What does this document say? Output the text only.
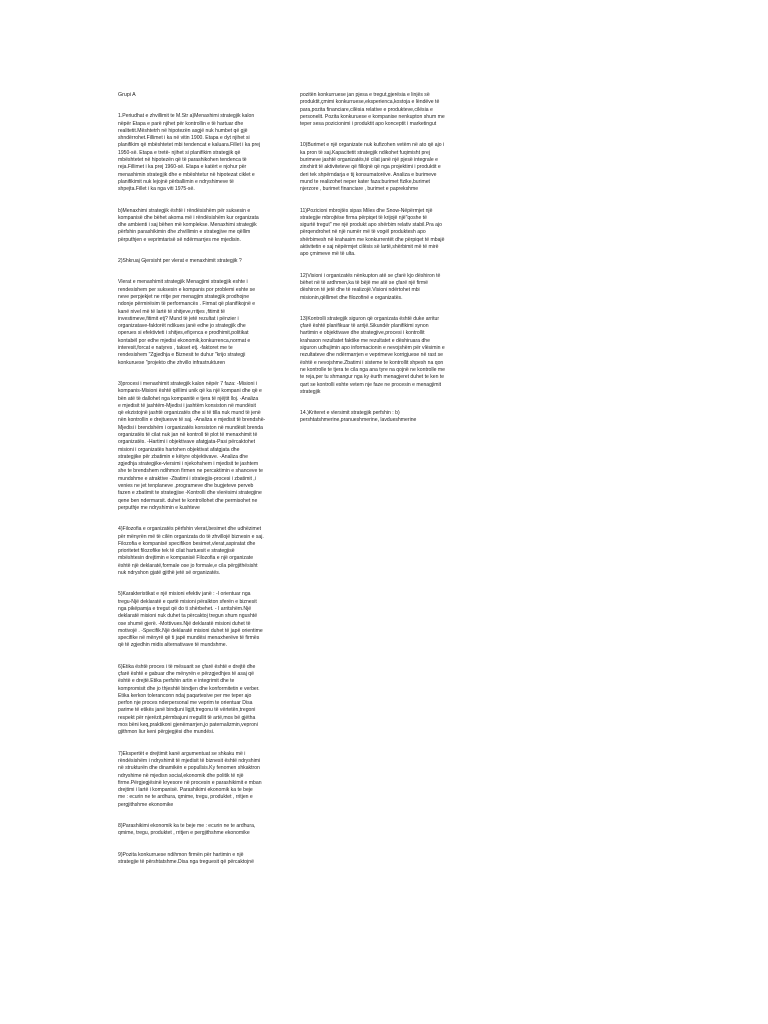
Grupi A
1.Periudhat e zhvillimit te M.Str a)Menaxhimi strategjik kalon
nëpër Etapa e parë njihet për kontrollin e të hartuar dhe
realitetit.Mështetrh në hipotezën asgjë nuk humbet që gjë
shndërrohet.Fillimet i ka në vitin 1900. Etapa e dyt njihet si
planifikim që mbështetet mbi tendencat e kaluara.Fillet i ka prej
1950-së. Etapa e tretë- njihet si planifikim strategjik që
mbështetet në hipotezën që të parashikohen tendenca të
reja.Fillimet i ka prej 1960-së. Etapa e katërt e njohur për
menaxhimin strategjik dhe e mbështetur në hipotezat ciklet e
planifikimit nuk lejojnë përballimin e ndryshimeve të
shpejta.Fillet i ka nga viti 1975-së.
b)Menaxhimi strategjik është i rëndësishëm për suksesin e
kompanisë dhe bëhet akoma më i rëndësishëm kur organizata
dhe ambienti i saj bëhen më komplekse. Menaxhimi strategjik
përfshin parashikimin dhe zhvillimin e strategjive me qëllim
përputhjen e veprimtarisë së ndërmarrjes me mjedisin.
2)Shkruaj Gjersisht per vlerat e menaxhimit strategjik ?
Vlerat e menaxhimit strategjik Menagjimi strategjik eshte i
rendesishem per suksesin e kompanis por problemi eshte se
neve perpjekjet ne rritje per menagjim strategjik prodhojne
ndonje përmirësim të performancës . Firmat që planifikojnë e
kanë nivel më të lartë të shitjeve,rritjes ,fitimit të
investimeve,fitimit etj? Mund të jetë rezultat i pënzier i
organizatave-faktorët ndikues janë edhe jo strategjik dhe
operues si efektivteti i shitjes,efiçenca e prodhimit,politikat
kontabël por edhe mjedisi ekonomik,konkurrenca,normat e
interesit,forcat e natyres , takset etj. -faktoret me te
rendesishem "Zgjedhja e Biznesit te duhur "krijo strategji
konkuruese "projekto dhe zhvillo infrastrukturen
3)procesi i menaxhimit strategjik kalon nëpër 7 faza: -Misioni i
kompanis-Misioni është qëllimi unik që ka një kompani dhe që e
bën atë të dallohet nga kompanitë e tjera të njëjtit lloj. -Analiza
e mjedisit të jashtëm-Mjedisi i jashtëm konsiston në mundësit
që ekzistojnë jashtë organizatës dhe si të tilla nuk mund të jenë
nën kontrollin e drejtuesve të saj. -Analiza e mjedisit të brendshë-
Mjedisi i brendshëm i organizatës konsiston në mundësit brenda
organizatës të cilat nuk jan në kontroll të plot të menaxhimit të
organizatës. -Hartimi i objektivave afatgjata-Pasi përcaktohet
misioni i organizatës hartohen objektivat afatgjata dhe
strategjike për zbatimin e këtyre objektivave. -Analiza dhe
zgjedhja strategjike-vlersimi i njekohshem i mjedisit te jashtem
she te brendshem ndihmon firmen ne percaktimin e shanceve te
mundshme e atraktive -Zbatimi i strategjis-procesi i zbatimit ,i
venies ne jet tenplaneve ,programeve dhe bugjeteve perveb
fazen e zbatimit te strategjise -Kontrolli dhe vlerësimi strategjine
qene ben ndermarsit. duhet te kontrollohet dhe permisohet ne
perputhje me ndryshimin e kushteve
4)Filozofia e organizatës përfshin vlerat,besimet dhe udhëzimet
për mënyrën më të cilën organizata do të zhvillojë biznesin e saj.
Filozofia e kompanisë specifikon besimet,vlerat,aspiratat dhe
prioritetet filozofike tek të cilat hartuesit e strategjisë
mbështesin drejtimin e kompanisë Filozofia e një organizate
është një deklaratë,formale ose jo formale,e cila përgjithësisht
nuk ndryshon gjatë gjithë jetë së organizatës.
5)Karakteristikat e një misioni efektiv janë : -I orientuar nga
tregu-Një deklaratë e qartë misioni përalkton sferën e biznesit
nga pikëpamja e tregut që do ti shërbehet. - I arritshëm.Një
deklaratë misioni nuk duhet ta përcaktoj tregun shum ngushtë
ose shumë gjerë. -Mottivues.Një deklaratë misioni duhet të
motivojë . -Specifik.Një deklaratë misioni duhet të japë orientime
specifike në mënyrë që ti japë mundësi menaxherëve të firmës
që të zgjedhin midis alternativave të mundshme.
6)Etika është proces i të mësuarit se çfarë është e drejtë dhe
çfarë është e gabuar dhe mënyrën e përzgjedhjes të asaj që
është e drejtë.Etika perfshin artin e integrimit dhe te
kompromisit dhe jo thjeshtë bindjen dhe konformitetin e verber.
Etika kerkon toleranconn ndaj paqartesive per me teper ajo
perfon nje proces nderpersonal me veprim te orientuar Disa
parime të etikës janë bindjuni ligjit,tregonu të vërtetën,tregoni
respekt për njerëzit,përmbajuni rregullit të artë,mos bë gjëtha
mos bëni keq,praktikoni gjenëmarrjen,jo paternalizmin,veproni
gjithmon liur keni përgjegjësi dhe mundësi.
7)Ekspertët e drejtimit kanë argumentuat se shkaku më i
rëndësishëm i ndryshimit të mjedisit të biznesit është ndryshimi
në strukturën dhe dinamikën e popullsis.Ky fenomen shkaktron
ndryshime në mjedisn social,ekonomik dhe politik të një
firme.Përgjegjësinë kryesore në procesin e parashikimit e mban
drejtimi i lartë i kompanisë. Parashikimi ekonomik ka te beje
me : ecurin ne te ardhura, qmime, tregu, produktet , rritjen e
pergjithshme ekonomike
8)Parashikimi ekonomik ka te beje me : ecurin ne te ardhura,
qmime, tregu, produktet , rritjen e pergjithshme ekonomike
9)Pozita konkurruese ndihmon firmën për hartimin e një
strategjie të përshtatshme.Disa nga treguesit që përcaktojnë
pozitën konkurruese jan pjesa e tregut,gjerësia e linjës së
produktit,çmimi konkurruese,eksperienca,kostoja e lëndëve të
para,pozita financiare,cilësia relative e produkteve,cilësia e
personelit. Pozita konkuruese e kompanise nenkupton shum me
teper sesa pozicionimi i produktit apo konceptit i marketingut
10)Burimet e një organizate nuk kufizohen vetëm në ato që ajo i
ka pron të saj.Kapacitetit strategjik ndikohet fuqimisht prej
burimeve jashtë organizatës,të cilat janë një pjesë integrale e
zinxhirit të aktiviteteve që fillojnë që nga projektimi i produktit e
deri tek shpërndarja e tij konsumatorëve. Analiza e burimeve
mund te realizohet neper kater faza:burimet fizike,burimet
njerzore , burimet financiare , burimet e paprekshme
11)Pozicioni mbrojtës sipas Miles dhe Snow-Nëpërmjet një
strategjie mbrojtëse firma përpiqet të krijojë një"qoshe të
sigurtë tregut" me një produkt apo shërbim relativ stabil.Pra ajo
përqendrohet në një numër më të vogël produktesh apo
shërbimesh në krahasim me konkurrentët dhe përpiqet të mbajë
aktivitetin e saj nëpërmjet cilësis së lartë,shërbimit më të mirë
apo çmimeve më të ulta.
12)Visioni i organizatës nënkupton atë se çfarë kjo dëshiron të
bëhet në të ardhmen,ka të bëjë me atë se çfarë një firmë
dëshiron të jetë dhe të realizojë.Visioni ndërtohet mbi
misionin,qëllimet dhe filozofinë e organizatës.
13)Kontrolli strategjik siguron që organizata është duke arritur
çfarë është planifikuar të arrijë.Sikundër planifikimi synon
hartimin e objektivave dhe strategjive,procesi i kontrollit
krahason rezultatet faktike me rezultatet e dëshiruara dhe
siguron udhujimin apo informacionin e nevojshëm për vlësimin e
rezultateve dhe ndërmarrjen e veprimeve korrigjuese në rast se
është e nevojshme.Zbatimi i sisteme te kontrollit shpesh na qon
ne kontrolle te tjera te cila nga ana tyre na qojnë ne kontrolle me
te reja,per tu shmangur nga ky èurth menagjeret duhet te ken te
qart se kontrolli eshte vetem nje faze ne procesin e menagjimit
strategjik
14.)Kriteret e vlersimit strategjik perfshin : b)
pershtatshmerine,pranueshmerine, lavdueshmerine
